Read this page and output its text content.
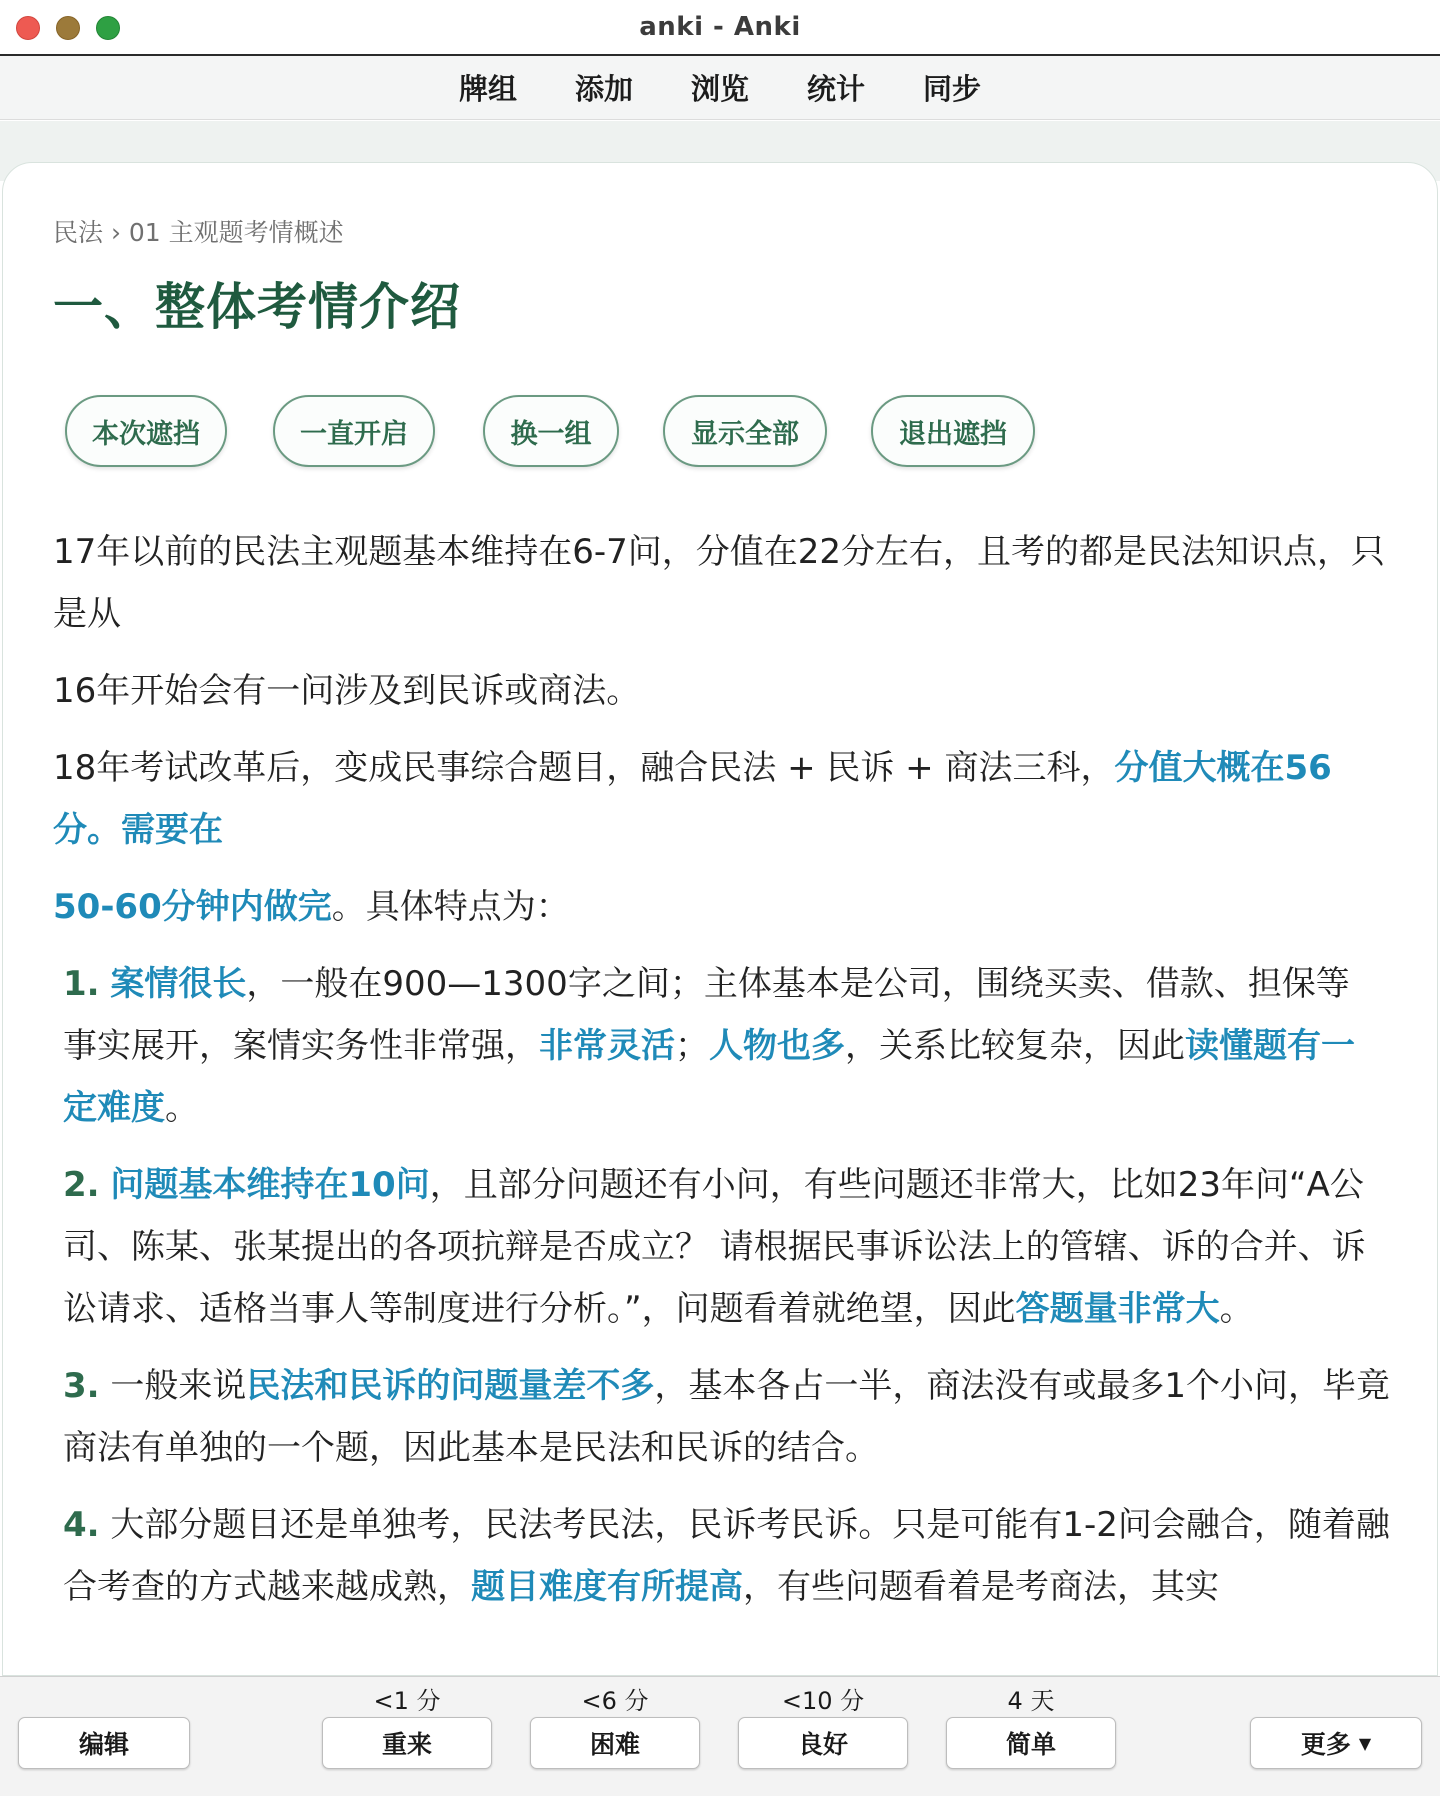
anki - Anki
牌组 添加 浏览 统计 同步
民法 › 01 主观题考情概述
一、整体考情介绍
本次遮挡	一直开启	换一组	显示全部	退出遮挡

17年以前的民法主观题基本维持在6-7问，分值在22分左右，且考的都是民法知识点，只是从

16年开始会有一问涉及到民诉或商法。

18年考试改革后，变成民事综合题目，融合民法 + 民诉 + 商法三科，分值大概在56分。需要在

50-60分钟内做完。具体特点为：

1. 案情很长，一般在900—1300字之间；主体基本是公司，围绕买卖、借款、担保等事实展开，案情实务性非常强，非常灵活；人物也多，关系比较复杂，因此读懂题有一定难度。
2. 问题基本维持在10问，且部分问题还有小问，有些问题还非常大，比如23年问“A公司、陈某、张某提出的各项抗辩是否成立？ 请根据民事诉讼法上的管辖、诉的合并、诉讼请求、适格当事人等制度进行分析。”，问题看着就绝望，因此答题量非常大。
3. 一般来说民法和民诉的问题量差不多，基本各占一半，商法没有或最多1个小问，毕竟商法有单独的一个题，因此基本是民法和民诉的结合。
4. 大部分题目还是单独考，民法考民法，民诉考民诉。只是可能有1-2问会融合，随着融合考查的方式越来越成熟，题目难度有所提高，有些问题看着是考商法，其实
编辑
<1 分
重来
<6 分
困难
<10 分
良好
4 天
简单	更多 ▼
